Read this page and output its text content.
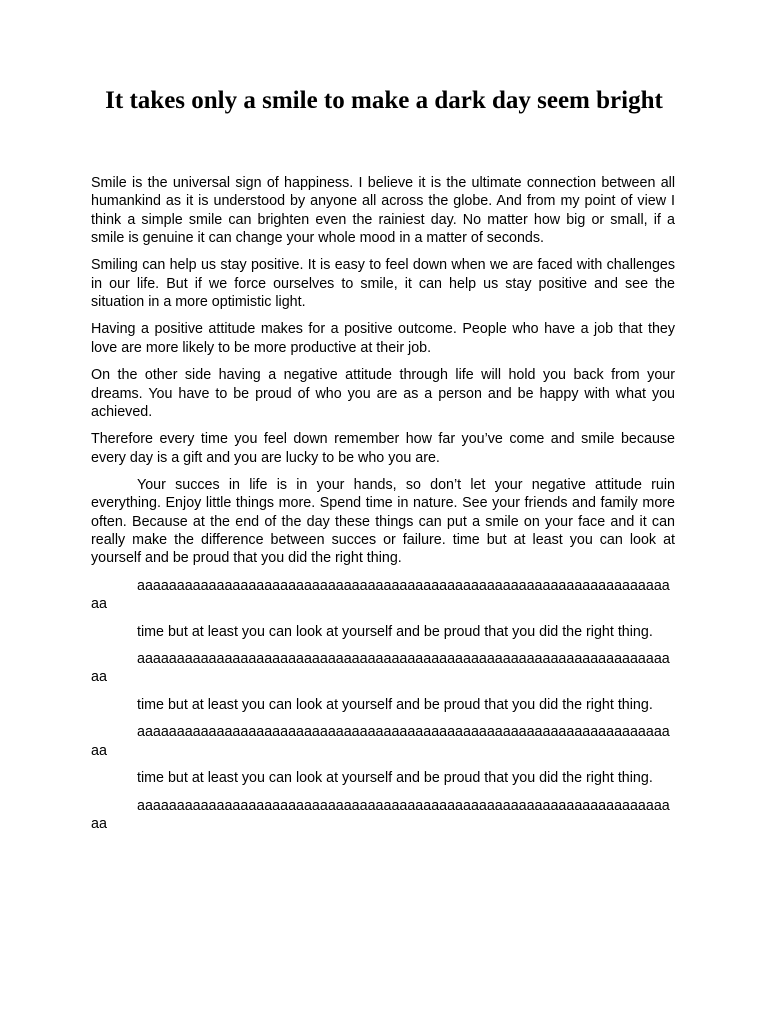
It takes only a smile to make a dark day seem bright

Smile is the universal sign of happiness. I believe it is the ultimate connection between all humankind as it is understood by anyone all across the globe. And from my point of view I think a simple smile can brighten even the rainiest day. No matter how big or small, if a smile is genuine it can change your whole mood in a matter of seconds.

Smiling can help us stay positive. It is easy to feel down when we are faced with challenges in our life. But if we force ourselves to smile, it can help us stay positive and see the situation in a more optimistic light.

Having a positive attitude makes for a positive outcome. People who have a job that they love are more likely to be more productive at their job.

On the other side having a negative attitude through life will hold you back from your dreams. You have to be proud of who you are as a person and be happy with what you achieved.

Therefore every time you feel down remember how far you’ve come and smile because every day is a gift and you are lucky to be who you are.

Your succes in life is in your hands, so don’t let your negative attitude ruin everything. Enjoy little things more. Spend time in nature. See your friends and family more often. Because at the end of the day these things can put a smile on your face and it can really make the difference between succes or failure. time but at least you can look at yourself and be proud that you did the right thing.

aaaaaaaaaaaaaaaaaaaaaaaaaaaaaaaaaaaaaaaaaaaaaaaaaaaaaaaaaaaaaaaaaaaaa

time but at least you can look at yourself and be proud that you did the right thing.

aaaaaaaaaaaaaaaaaaaaaaaaaaaaaaaaaaaaaaaaaaaaaaaaaaaaaaaaaaaaaaaaaaaaa

time but at least you can look at yourself and be proud that you did the right thing.

aaaaaaaaaaaaaaaaaaaaaaaaaaaaaaaaaaaaaaaaaaaaaaaaaaaaaaaaaaaaaaaaaaaaa

time but at least you can look at yourself and be proud that you did the right thing.

aaaaaaaaaaaaaaaaaaaaaaaaaaaaaaaaaaaaaaaaaaaaaaaaaaaaaaaaaaaaaaaaaaaaa
